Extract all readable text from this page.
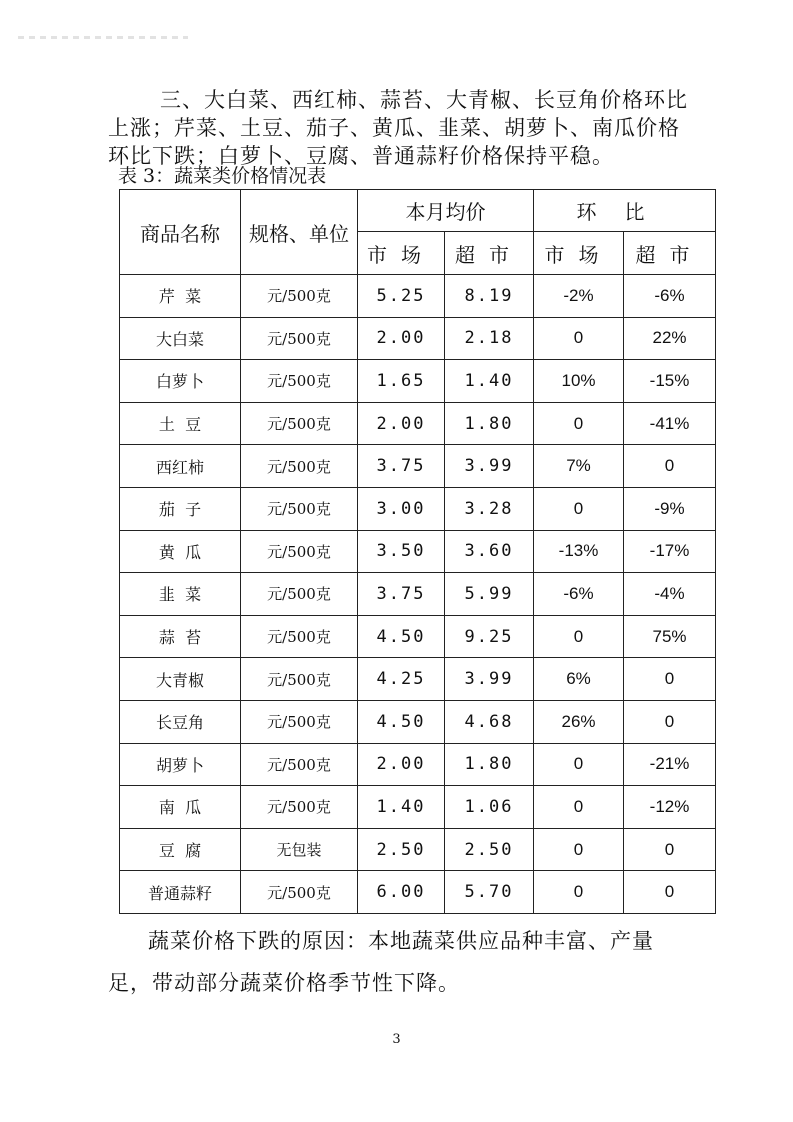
三、大白菜、西红柿、蒜苔、大青椒、长豆角价格环比上涨；芹菜、土豆、茄子、黄瓜、韭菜、胡萝卜、南瓜价格环比下跌；白萝卜、豆腐、普通蒜籽价格保持平稳。

表 3：蔬菜类价格情况表
商品名称	规格、单位	本月均价		环比	
		市场	超市	市场	超市
芹  菜	元/500克	5.25	8.19	-2%	-6%
大白菜	元/500克	2.00	2.18	0	22%
白萝卜	元/500克	1.65	1.40	10%	-15%
土  豆	元/500克	2.00	1.80	0	-41%
西红柿	元/500克	3.75	3.99	7%	0
茄  子	元/500克	3.00	3.28	0	-9%
黄  瓜	元/500克	3.50	3.60	-13%	-17%
韭  菜	元/500克	3.75	5.99	-6%	-4%
蒜  苔	元/500克	4.50	9.25	0	75%
大青椒	元/500克	4.25	3.99	6%	0
长豆角	元/500克	4.50	4.68	26%	0
胡萝卜	元/500克	2.00	1.80	0	-21%
南  瓜	元/500克	1.40	1.06	0	-12%
豆  腐	无包装	2.50	2.50	0	0
普通蒜籽	元/500克	6.00	5.70	0	0

蔬菜价格下跌的原因：本地蔬菜供应品种丰富、产量足，带动部分蔬菜价格季节性下降。

3
